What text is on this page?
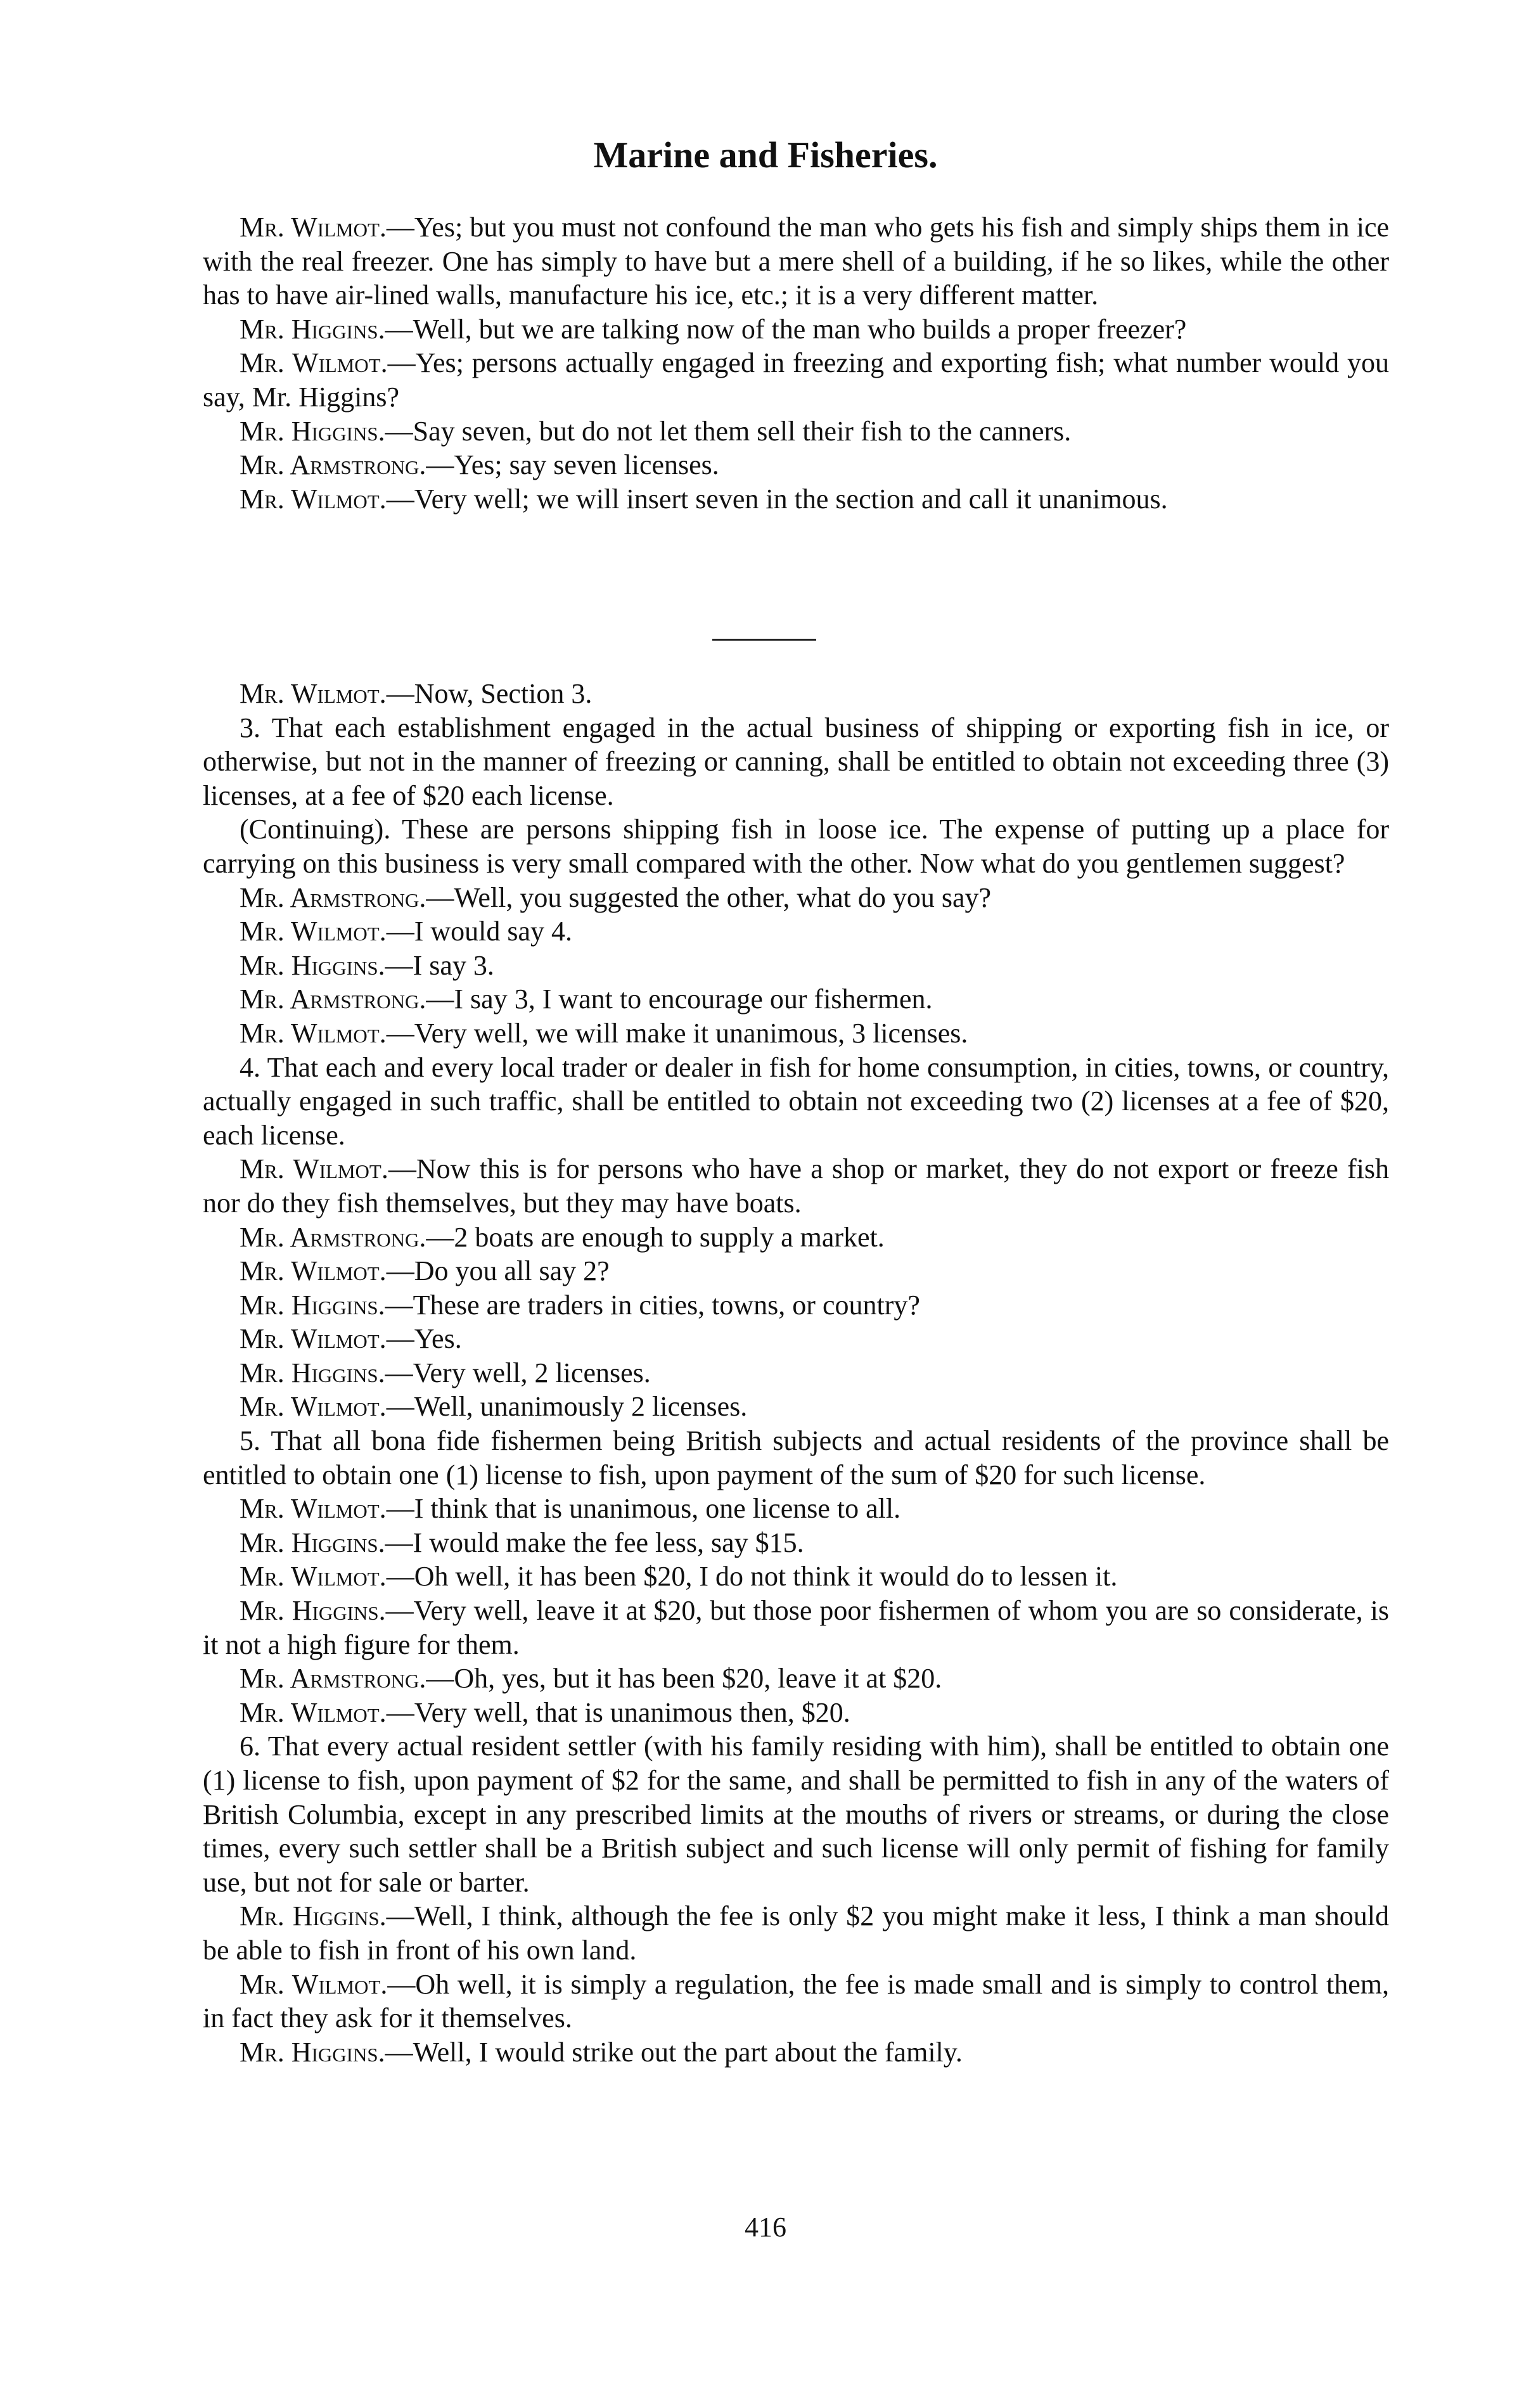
Marine and Fisheries.

Mr. Wilmot.—Yes; but you must not confound the man who gets his fish and simply ships them in ice with the real freezer. One has simply to have but a mere shell of a building, if he so likes, while the other has to have air-lined walls, manufacture his ice, etc.; it is a very different matter.

Mr. Higgins.—Well, but we are talking now of the man who builds a proper freezer?

Mr. Wilmot.—Yes; persons actually engaged in freezing and exporting fish; what number would you say, Mr. Higgins?

Mr. Higgins.—Say seven, but do not let them sell their fish to the canners.

Mr. Armstrong.—Yes; say seven licenses.

Mr. Wilmot.—Very well; we will insert seven in the section and call it unanimous.

Mr. Wilmot.—Now, Section 3.

3. That each establishment engaged in the actual business of shipping or exporting fish in ice, or otherwise, but not in the manner of freezing or canning, shall be entitled to obtain not exceeding three (3) licenses, at a fee of $20 each license.

(Continuing). These are persons shipping fish in loose ice. The expense of putting up a place for carrying on this business is very small compared with the other. Now what do you gentlemen suggest?

Mr. Armstrong.—Well, you suggested the other, what do you say?

Mr. Wilmot.—I would say 4.

Mr. Higgins.—I say 3.

Mr. Armstrong.—I say 3, I want to encourage our fishermen.

Mr. Wilmot.—Very well, we will make it unanimous, 3 licenses.

4. That each and every local trader or dealer in fish for home consumption, in cities, towns, or country, actually engaged in such traffic, shall be entitled to obtain not exceeding two (2) licenses at a fee of $20, each license.

Mr. Wilmot.—Now this is for persons who have a shop or market, they do not export or freeze fish nor do they fish themselves, but they may have boats.

Mr. Armstrong.—2 boats are enough to supply a market.

Mr. Wilmot.—Do you all say 2?

Mr. Higgins.—These are traders in cities, towns, or country?

Mr. Wilmot.—Yes.

Mr. Higgins.—Very well, 2 licenses.

Mr. Wilmot.—Well, unanimously 2 licenses.

5. That all bona fide fishermen being British subjects and actual residents of the province shall be entitled to obtain one (1) license to fish, upon payment of the sum of $20 for such license.

Mr. Wilmot.—I think that is unanimous, one license to all.

Mr. Higgins.—I would make the fee less, say $15.

Mr. Wilmot.—Oh well, it has been $20, I do not think it would do to lessen it.

Mr. Higgins.—Very well, leave it at $20, but those poor fishermen of whom you are so considerate, is it not a high figure for them.

Mr. Armstrong.—Oh, yes, but it has been $20, leave it at $20.

Mr. Wilmot.—Very well, that is unanimous then, $20.

6. That every actual resident settler (with his family residing with him), shall be entitled to obtain one (1) license to fish, upon payment of $2 for the same, and shall be permitted to fish in any of the waters of British Columbia, except in any prescribed limits at the mouths of rivers or streams, or during the close times, every such settler shall be a British subject and such license will only permit of fishing for family use, but not for sale or barter.

Mr. Higgins.—Well, I think, although the fee is only $2 you might make it less, I think a man should be able to fish in front of his own land.

Mr. Wilmot.—Oh well, it is simply a regulation, the fee is made small and is simply to control them, in fact they ask for it themselves.

Mr. Higgins.—Well, I would strike out the part about the family.

416
